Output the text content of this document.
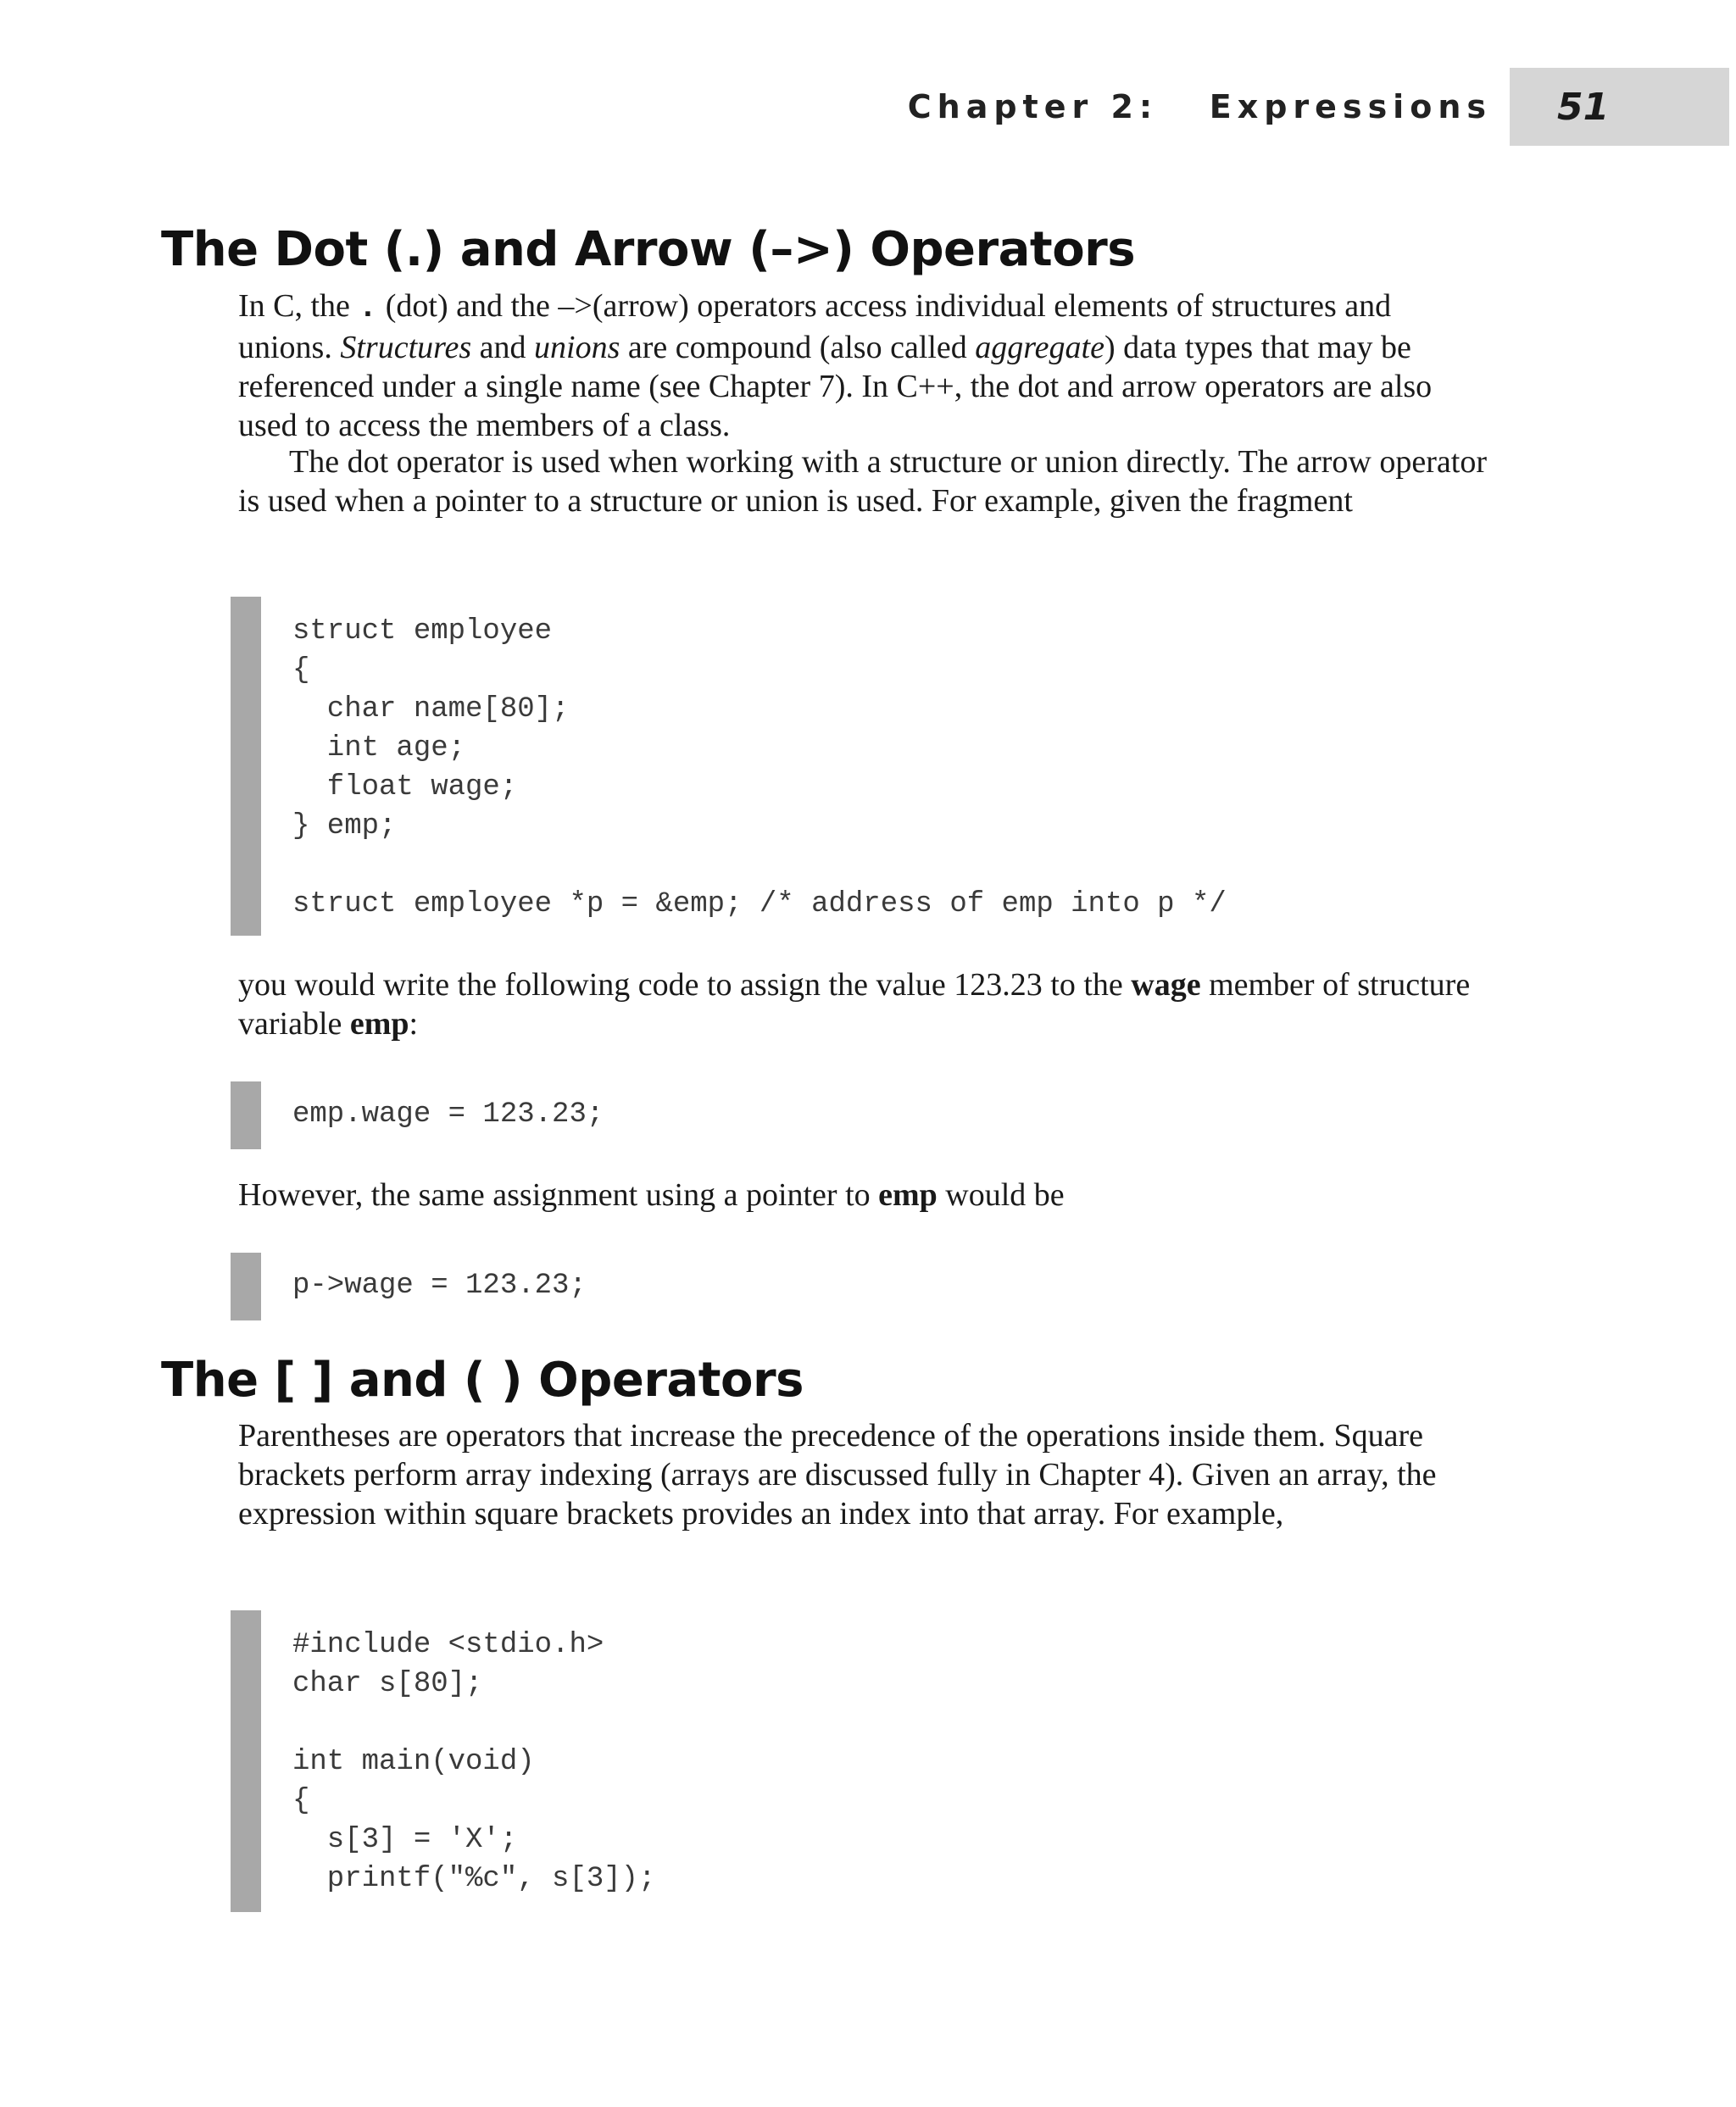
Chapter 2:   Expressions 51
The Dot (.) and Arrow (–>) Operators

In C, the . (dot) and the –>(arrow) operators access individual elements of structures and unions. Structures and unions are compound (also called aggregate) data types that may be referenced under a single name (see Chapter 7). In C++, the dot and arrow operators are also used to access the members of a class.

The dot operator is used when working with a structure or union directly. The arrow operator is used when a pointer to a structure or union is used. For example, given the fragment

struct employee
{
char name[80];
int age;
float wage;
} emp;

struct employee *p = &emp; /* address of emp into p */

you would write the following code to assign the value 123.23 to the wage member of structure variable emp:

emp.wage = 123.23;

However, the same assignment using a pointer to emp would be

p->wage = 123.23;
The [ ] and ( ) Operators

Parentheses are operators that increase the precedence of the operations inside them. Square brackets perform array indexing (arrays are discussed fully in Chapter 4). Given an array, the expression within square brackets provides an index into that array. For example,

#include <stdio.h>
char s[80];

int main(void)
{
s[3] = 'X';
printf("%c", s[3]);
